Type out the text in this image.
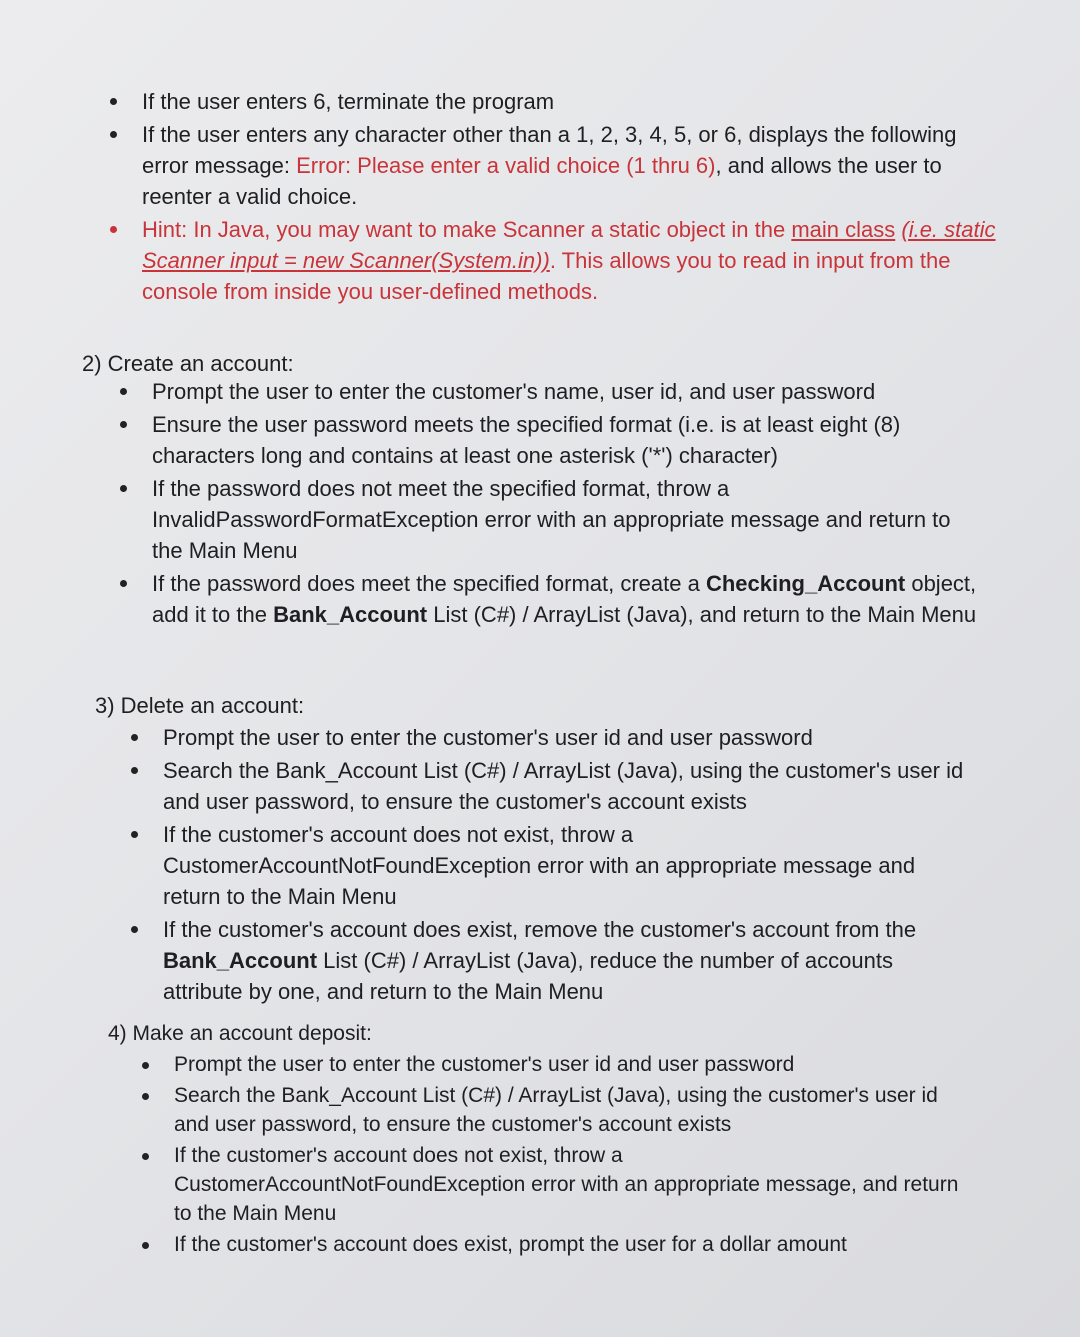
If the user enters 6, terminate the program
If the user enters any character other than a 1, 2, 3, 4, 5, or 6, displays the following error message: Error: Please enter a valid choice (1 thru 6), and allows the user to reenter a valid choice.
Hint: In Java, you may want to make Scanner a static object in the main class (i.e. static Scanner input = new Scanner(System.in)). This allows you to read in input from the console from inside you user-defined methods.
2) Create an account:
Prompt the user to enter the customer's name, user id, and user password
Ensure the user password meets the specified format (i.e. is at least eight (8) characters long and contains at least one asterisk ('*') character)
If the password does not meet the specified format, throw a InvalidPasswordFormatException error with an appropriate message and return to the Main Menu
If the password does meet the specified format, create a Checking_Account object, add it to the Bank_Account List (C#) / ArrayList (Java), and return to the Main Menu
3) Delete an account:
Prompt the user to enter the customer's user id and user password
Search the Bank_Account List (C#) / ArrayList (Java), using the customer's user id and user password, to ensure the customer's account exists
If the customer's account does not exist, throw a CustomerAccountNotFoundException error with an appropriate message and return to the Main Menu
If the customer's account does exist, remove the customer's account from the Bank_Account List (C#) / ArrayList (Java), reduce the number of accounts attribute by one, and return to the Main Menu
4) Make an account deposit:
Prompt the user to enter the customer's user id and user password
Search the Bank_Account List (C#) / ArrayList (Java), using the customer's user id and user password, to ensure the customer's account exists
If the customer's account does not exist, throw a CustomerAccountNotFoundException error with an appropriate message, and return to the Main Menu
If the customer's account does exist, prompt the user for a dollar amount
